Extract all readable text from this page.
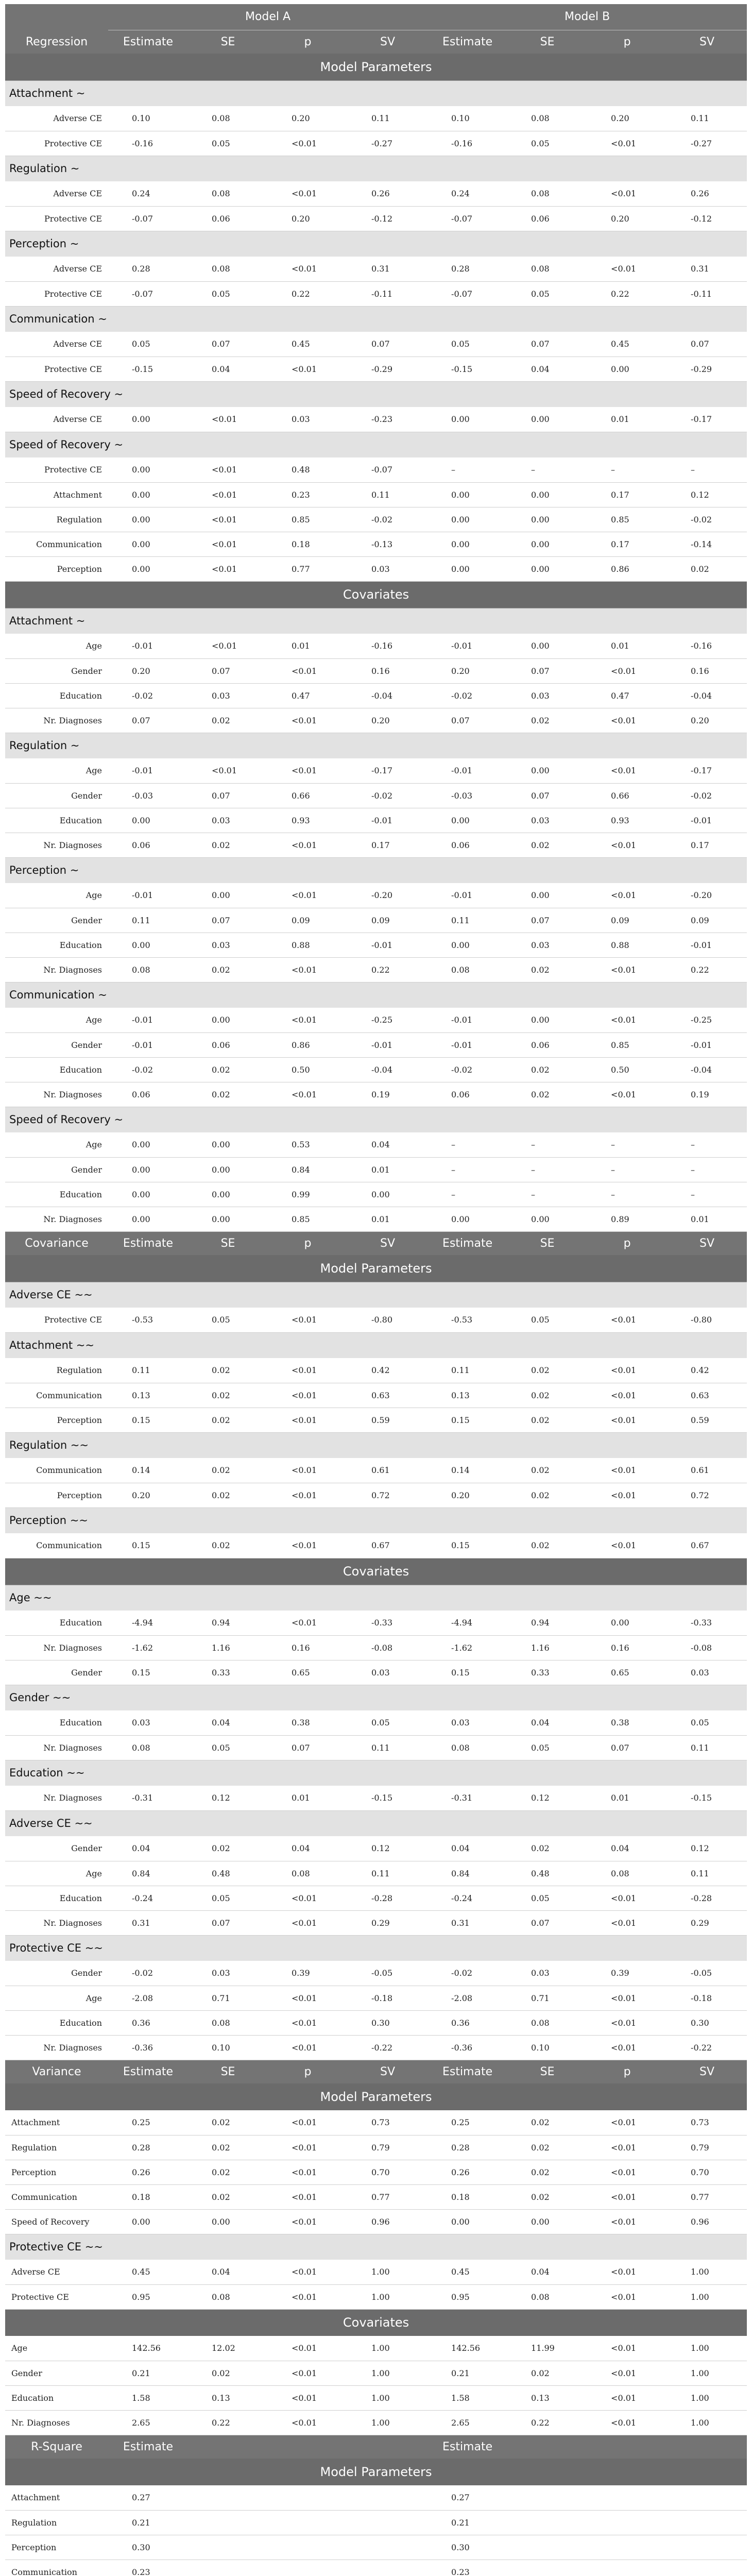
	Model A				Model B			
Regression	Estimate	SE	p	SV	Estimate	SE	p	SV
Model Parameters								
Attachment ~								
Adverse CE	0.10	0.08	0.20	0.11	0.10	0.08	0.20	0.11
Protective CE	-0.16	0.05	<0.01	-0.27	-0.16	0.05	<0.01	-0.27
Regulation ~								
Adverse CE	0.24	0.08	<0.01	0.26	0.24	0.08	<0.01	0.26
Protective CE	-0.07	0.06	0.20	-0.12	-0.07	0.06	0.20	-0.12
Perception ~								
Adverse CE	0.28	0.08	<0.01	0.31	0.28	0.08	<0.01	0.31
Protective CE	-0.07	0.05	0.22	-0.11	-0.07	0.05	0.22	-0.11
Communication ~								
Adverse CE	0.05	0.07	0.45	0.07	0.05	0.07	0.45	0.07
Protective CE	-0.15	0.04	<0.01	-0.29	-0.15	0.04	0.00	-0.29
Speed of Recovery ~								
Adverse CE	0.00	<0.01	0.03	-0.23	0.00	0.00	0.01	-0.17
Speed of Recovery ~								
Protective CE	0.00	<0.01	0.48	-0.07	–	–	–	–
Attachment	0.00	<0.01	0.23	0.11	0.00	0.00	0.17	0.12
Regulation	0.00	<0.01	0.85	-0.02	0.00	0.00	0.85	-0.02
Communication	0.00	<0.01	0.18	-0.13	0.00	0.00	0.17	-0.14
Perception	0.00	<0.01	0.77	0.03	0.00	0.00	0.86	0.02
Covariates								
Attachment ~								
Age	-0.01	<0.01	0.01	-0.16	-0.01	0.00	0.01	-0.16
Gender	0.20	0.07	<0.01	0.16	0.20	0.07	<0.01	0.16
Education	-0.02	0.03	0.47	-0.04	-0.02	0.03	0.47	-0.04
Nr. Diagnoses	0.07	0.02	<0.01	0.20	0.07	0.02	<0.01	0.20
Regulation ~								
Age	-0.01	<0.01	<0.01	-0.17	-0.01	0.00	<0.01	-0.17
Gender	-0.03	0.07	0.66	-0.02	-0.03	0.07	0.66	-0.02
Education	0.00	0.03	0.93	-0.01	0.00	0.03	0.93	-0.01
Nr. Diagnoses	0.06	0.02	<0.01	0.17	0.06	0.02	<0.01	0.17
Perception ~								
Age	-0.01	0.00	<0.01	-0.20	-0.01	0.00	<0.01	-0.20
Gender	0.11	0.07	0.09	0.09	0.11	0.07	0.09	0.09
Education	0.00	0.03	0.88	-0.01	0.00	0.03	0.88	-0.01
Nr. Diagnoses	0.08	0.02	<0.01	0.22	0.08	0.02	<0.01	0.22
Communication ~								
Age	-0.01	0.00	<0.01	-0.25	-0.01	0.00	<0.01	-0.25
Gender	-0.01	0.06	0.86	-0.01	-0.01	0.06	0.85	-0.01
Education	-0.02	0.02	0.50	-0.04	-0.02	0.02	0.50	-0.04
Nr. Diagnoses	0.06	0.02	<0.01	0.19	0.06	0.02	<0.01	0.19
Speed of Recovery ~								
Age	0.00	0.00	0.53	0.04	–	–	–	–
Gender	0.00	0.00	0.84	0.01	–	–	–	–
Education	0.00	0.00	0.99	0.00	–	–	–	–
Nr. Diagnoses	0.00	0.00	0.85	0.01	0.00	0.00	0.89	0.01
Covariance	Estimate	SE	p	SV	Estimate	SE	p	SV
Model Parameters								
Adverse CE ~~								
Protective CE	-0.53	0.05	<0.01	-0.80	-0.53	0.05	<0.01	-0.80
Attachment ~~								
Regulation	0.11	0.02	<0.01	0.42	0.11	0.02	<0.01	0.42
Communication	0.13	0.02	<0.01	0.63	0.13	0.02	<0.01	0.63
Perception	0.15	0.02	<0.01	0.59	0.15	0.02	<0.01	0.59
Regulation ~~								
Communication	0.14	0.02	<0.01	0.61	0.14	0.02	<0.01	0.61
Perception	0.20	0.02	<0.01	0.72	0.20	0.02	<0.01	0.72
Perception ~~								
Communication	0.15	0.02	<0.01	0.67	0.15	0.02	<0.01	0.67
Covariates								
Age ~~								
Education	-4.94	0.94	<0.01	-0.33	-4.94	0.94	0.00	-0.33
Nr. Diagnoses	-1.62	1.16	0.16	-0.08	-1.62	1.16	0.16	-0.08
Gender	0.15	0.33	0.65	0.03	0.15	0.33	0.65	0.03
Gender ~~								
Education	0.03	0.04	0.38	0.05	0.03	0.04	0.38	0.05
Nr. Diagnoses	0.08	0.05	0.07	0.11	0.08	0.05	0.07	0.11
Education ~~								
Nr. Diagnoses	-0.31	0.12	0.01	-0.15	-0.31	0.12	0.01	-0.15
Adverse CE ~~								
Gender	0.04	0.02	0.04	0.12	0.04	0.02	0.04	0.12
Age	0.84	0.48	0.08	0.11	0.84	0.48	0.08	0.11
Education	-0.24	0.05	<0.01	-0.28	-0.24	0.05	<0.01	-0.28
Nr. Diagnoses	0.31	0.07	<0.01	0.29	0.31	0.07	<0.01	0.29
Protective CE ~~								
Gender	-0.02	0.03	0.39	-0.05	-0.02	0.03	0.39	-0.05
Age	-2.08	0.71	<0.01	-0.18	-2.08	0.71	<0.01	-0.18
Education	0.36	0.08	<0.01	0.30	0.36	0.08	<0.01	0.30
Nr. Diagnoses	-0.36	0.10	<0.01	-0.22	-0.36	0.10	<0.01	-0.22
Variance	Estimate	SE	p	SV	Estimate	SE	p	SV
Model Parameters								
Attachment	0.25	0.02	<0.01	0.73	0.25	0.02	<0.01	0.73
Regulation	0.28	0.02	<0.01	0.79	0.28	0.02	<0.01	0.79
Perception	0.26	0.02	<0.01	0.70	0.26	0.02	<0.01	0.70
Communication	0.18	0.02	<0.01	0.77	0.18	0.02	<0.01	0.77
Speed of Recovery	0.00	0.00	<0.01	0.96	0.00	0.00	<0.01	0.96
Protective CE ~~								
Adverse CE	0.45	0.04	<0.01	1.00	0.45	0.04	<0.01	1.00
Protective CE	0.95	0.08	<0.01	1.00	0.95	0.08	<0.01	1.00
Covariates								
Age	142.56	12.02	<0.01	1.00	142.56	11.99	<0.01	1.00
Gender	0.21	0.02	<0.01	1.00	0.21	0.02	<0.01	1.00
Education	1.58	0.13	<0.01	1.00	1.58	0.13	<0.01	1.00
Nr. Diagnoses	2.65	0.22	<0.01	1.00	2.65	0.22	<0.01	1.00
R-Square	Estimate				Estimate			
Model Parameters								
Attachment	0.27				0.27			
Regulation	0.21				0.21			
Perception	0.30				0.30			
Communication	0.23				0.23			
